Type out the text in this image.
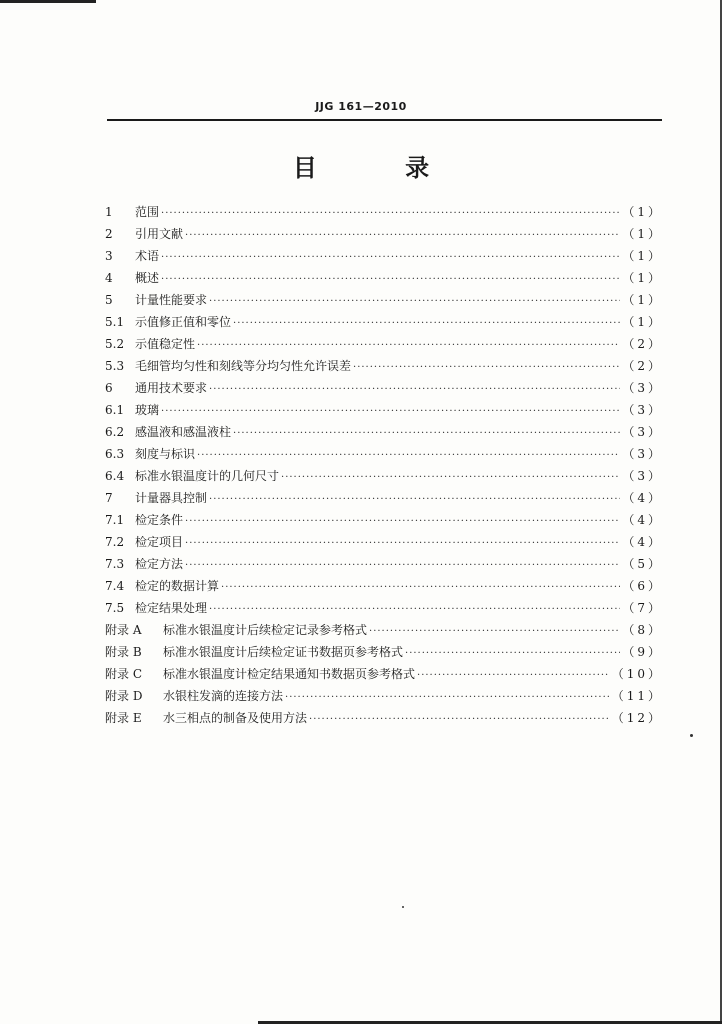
JJG 161—2010
目 录
1	范围 ·····	（1）
2	引用文献 ·····	（1）
3	术语 ·····	（1）
4	概述 ·····	（1）
5	计量性能要求 ·····	（1）
5.1 示值修正值和零位 ·····	（1）
5.2 示值稳定性 ·····	（2）
5.3 毛细管均匀性和刻线等分均匀性允许误差 ·····	（2）
6	通用技术要求 ·····	（3）
6.1 玻璃 ·····	（3）
6.2 感温液和感温液柱 ·····	（3）
6.3 刻度与标识 ·····	（3）
6.4 标准水银温度计的几何尺寸 ·····	（3）
7	计量器具控制 ·····	（4）
7.1 检定条件 ·····	（4）
7.2 检定项目 ·····	（4）
7.3 检定方法 ·····	（5）
7.4 检定的数据计算 ·····	（6）
7.5 检定结果处理 ·····	（7）
附录 A	标准水银温度计后续检定记录参考格式 ·····	（8）
附录 B	标准水银温度计后续检定证书数据页参考格式 ·····	（9）
附录 C	标准水银温度计检定结果通知书数据页参考格式 ·····	（10）
附录 D	水银柱发滴的连接方法 ·····	（11）
附录 E	水三相点的制备及使用方法 ·····	（12）
